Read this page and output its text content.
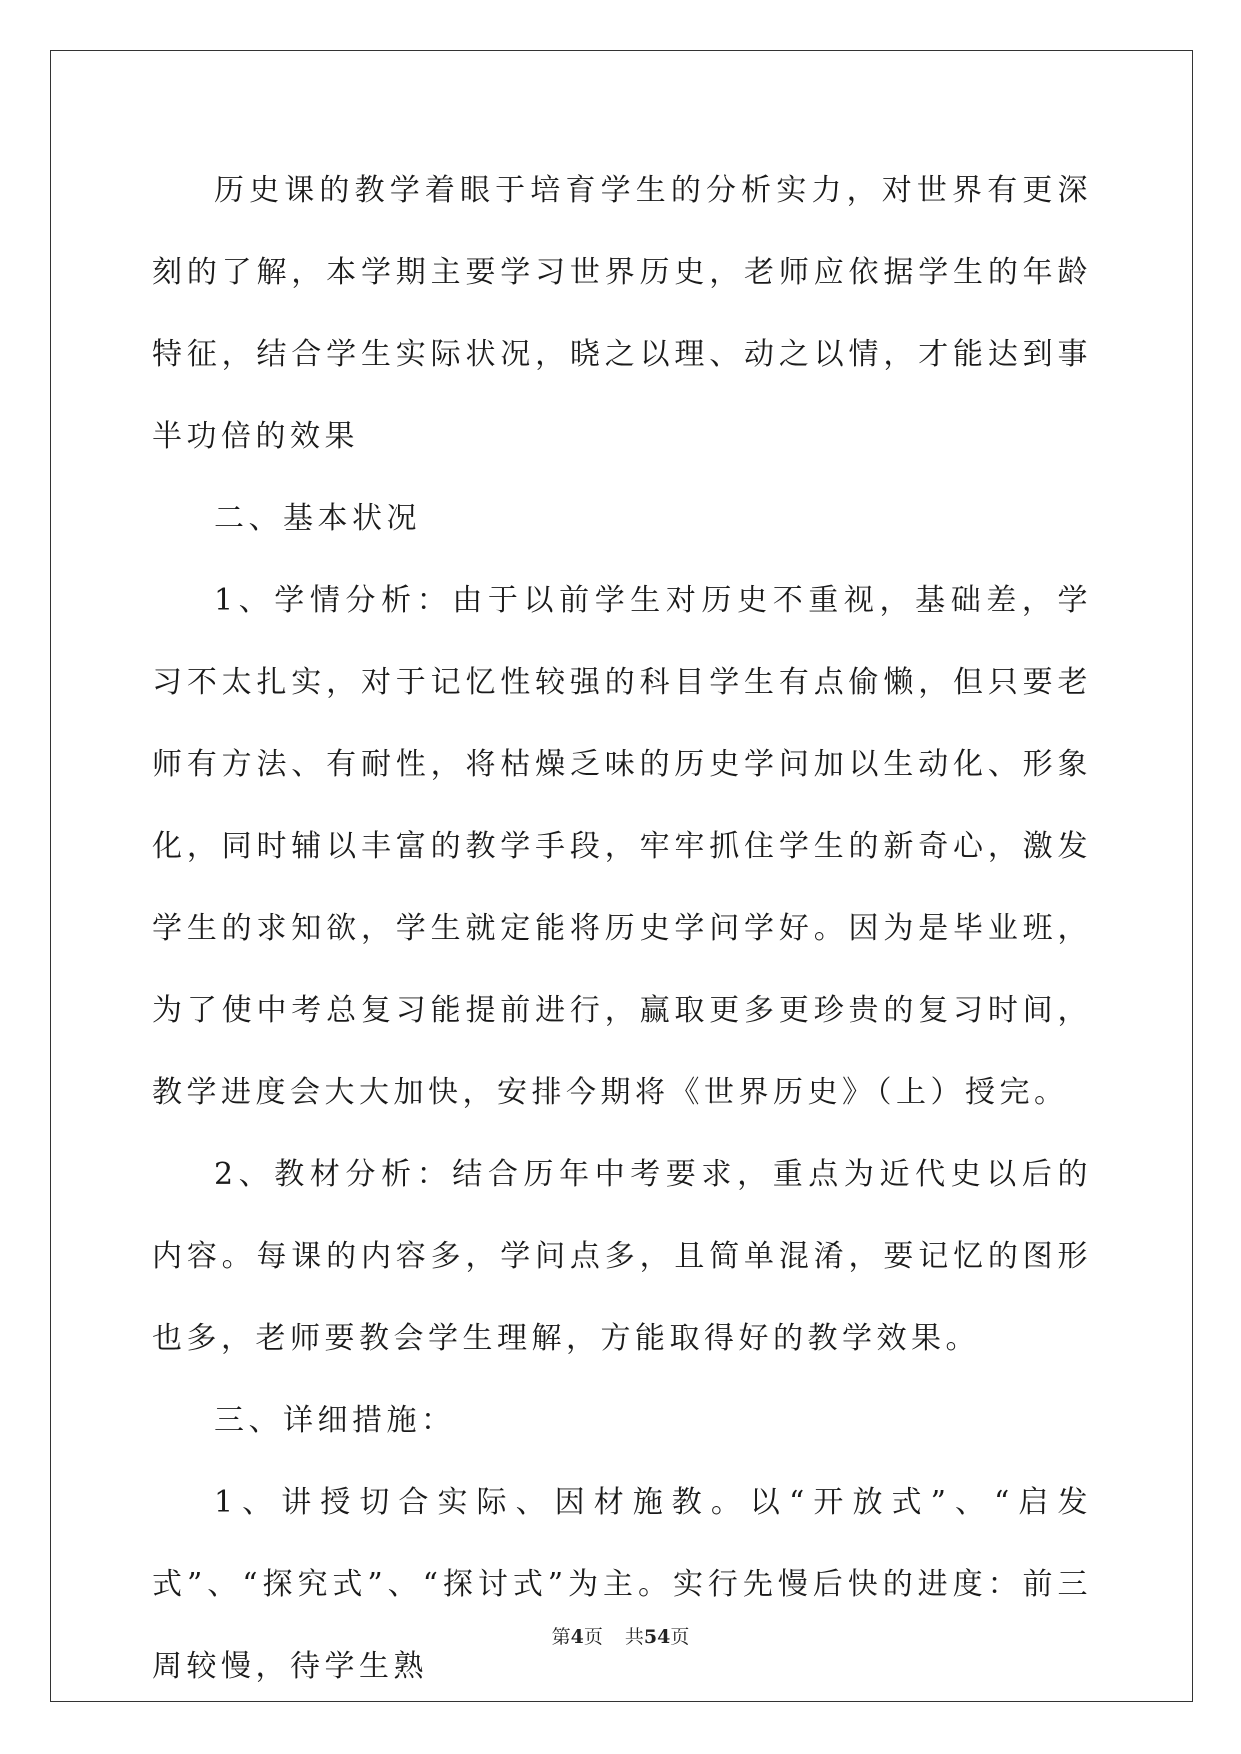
历史课的教学着眼于培育学生的分析实力，对世界有更深刻的了解，本学期主要学习世界历史，老师应依据学生的年龄特征，结合学生实际状况，晓之以理、动之以情，才能达到事半功倍的效果

二、基本状况

1、学情分析：由于以前学生对历史不重视，基础差，学习不太扎实，对于记忆性较强的科目学生有点偷懒，但只要老师有方法、有耐性，将枯燥乏味的历史学问加以生动化、形象化，同时辅以丰富的教学手段，牢牢抓住学生的新奇心，激发学生的求知欲，学生就定能将历史学问学好。因为是毕业班，为了使中考总复习能提前进行，赢取更多更珍贵的复习时间，教学进度会大大加快，安排今期将《世界历史》（上）授完。

2、教材分析：结合历年中考要求，重点为近代史以后的内容。每课的内容多，学问点多，且简单混淆，要记忆的图形也多，老师要教会学生理解，方能取得好的教学效果。

三、详细措施：

1、讲授切合实际、因材施教。以“开放式”、“启发式”、“探究式”、“探讨式”为主。实行先慢后快的进度：前三周较慢，待学生熟

第4页 共54页
